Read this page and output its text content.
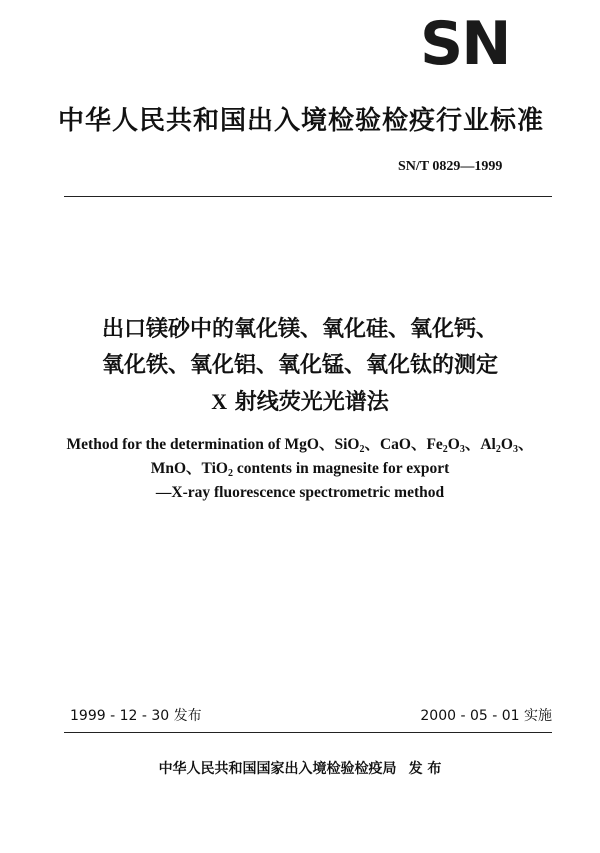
SN
中华人民共和国出入境检验检疫行业标准
SN/T 0829—1999
出口镁砂中的氧化镁、氧化硅、氧化钙、
氧化铁、氧化铝、氧化锰、氧化钛的测定
X 射线荧光光谱法
Method for the determination of MgO、SiO$_2$、CaO、$Fe_2O_3$、$Al_2O_3$、
MnO、TiO$_2$ contents in magnesite for export
—X-ray fluorescence spectrometric method
1999 - 12 - 30 发布	2000 - 05 - 01 实施
中华人民共和国国家出入境检验检疫局 发 布
